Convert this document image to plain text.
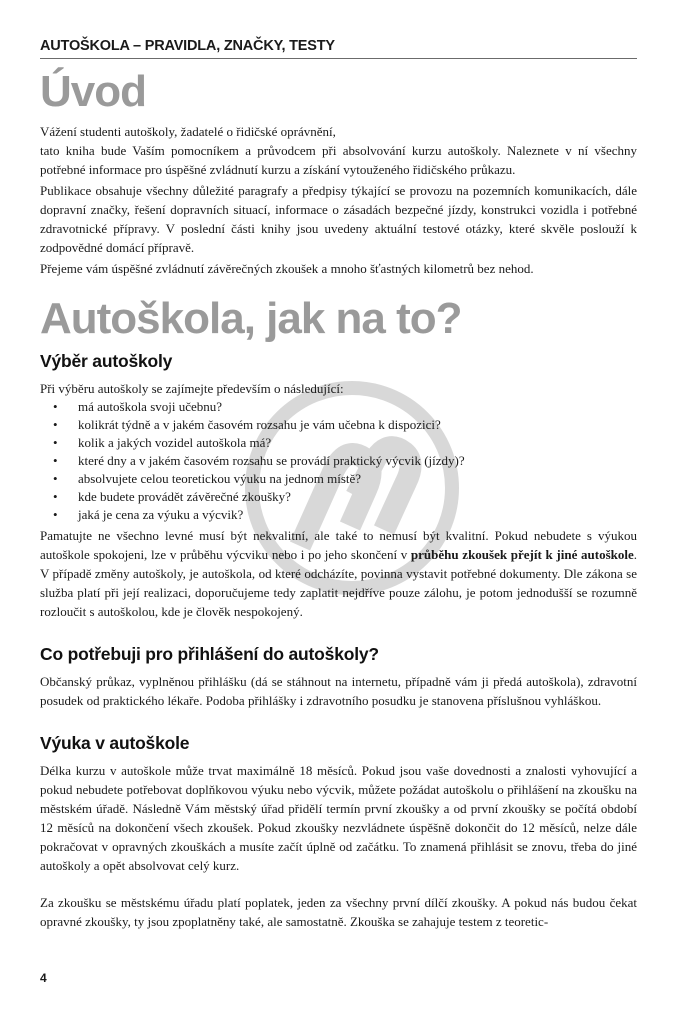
AUTOŠKOLA – PRAVIDLA, ZNAČKY, TESTY
Úvod

Vážení studenti autoškoly, žadatelé o řidičské oprávnění,

tato kniha bude Vaším pomocníkem a průvodcem při absolvování kurzu autoškoly. Naleznete v ní všechny potřebné informace pro úspěšné zvládnutí kurzu a získání vytouženého řidičského průkazu.

Publikace obsahuje všechny důležité paragrafy a předpisy týkající se provozu na pozemních komunikacích, dále dopravní značky, řešení dopravních situací, informace o zásadách bezpečné jízdy, konstrukci vozidla i potřebné zdravotnické přípravy. V poslední části knihy jsou uvedeny aktuální testové otázky, které skvěle poslouží k zodpovědné domácí přípravě.

Přejeme vám úspěšné zvládnutí závěrečných zkoušek a mnoho šťastných kilometrů bez nehod.

Autoškola, jak na to?
Výběr autoškoly

Při výběru autoškoly se zajímejte především o následující:

• má autoškola svoji učebnu?
• kolikrát týdně a v jakém časovém rozsahu je vám učebna k dispozici?
• kolik a jakých vozidel autoškola má?
• které dny a v jakém časovém rozsahu se provádí praktický výcvik (jízdy)?
• absolvujete celou teoretickou výuku na jednom místě?
• kde budete provádět závěrečné zkoušky?
• jaká je cena za výuku a výcvik?

Pamatujte ne všechno levné musí být nekvalitní, ale také to nemusí být kvalitní. Pokud nebudete s výukou autoškole spokojeni, lze v průběhu výcviku nebo i po jeho skončení v průběhu zkoušek přejít k jiné autoškole. V případě změny autoškoly, je autoškola, od které odcházíte, povinna vystavit potřebné dokumenty. Dle zákona se služba platí při její realizaci, doporučujeme tedy zaplatit nejdříve pouze zálohu, je potom jednodušší se rozumně rozloučit s autoškolou, kde je člověk nespokojený.

Co potřebuji pro přihlášení do autoškoly?

Občanský průkaz, vyplněnou přihlášku (dá se stáhnout na internetu, případně vám ji předá autoškola), zdravotní posudek od praktického lékaře. Podoba přihlášky i zdravotního posudku je stanovena příslušnou vyhláškou.

Výuka v autoškole

Délka kurzu v autoškole může trvat maximálně 18 měsíců. Pokud jsou vaše dovednosti a znalosti vyhovující a pokud nebudete potřebovat doplňkovou výuku nebo výcvik, můžete požádat autoškolu o přihlášení na zkoušku na městském úřadě. Následně Vám městský úřad přidělí termín první zkoušky a od první zkoušky se počítá období 12 měsíců na dokončení všech zkoušek. Pokud zkoušky nezvládnete úspěšně dokončit do 12 měsíců, nelze dále pokračovat v opravných zkouškách a musíte začít úplně od začátku. To znamená přihlásit se znovu, třeba do jiné autoškoly a opět absolvovat celý kurz.

Za zkoušku se městskému úřadu platí poplatek, jeden za všechny první dílčí zkoušky. A pokud nás budou čekat opravné zkoušky, ty jsou zpoplatněny také, ale samostatně. Zkouška se zahajuje testem z teoretic-

4
